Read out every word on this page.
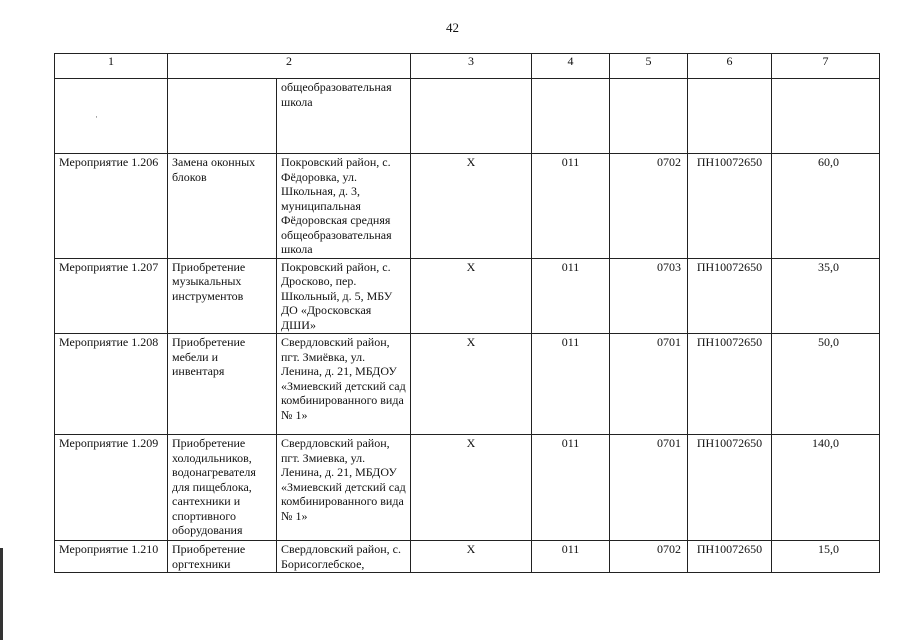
42
1	2		3	4	5	6	7

		общеобразовательная школа					

Мероприятие 1.206	Замена оконных блоков	Покровский район, с. Фёдоровка, ул. Школьная, д. 3, муниципальная Фёдоровская средняя общеобразовательная школа	X	011	0702	ПН10072650	60,0

Мероприятие 1.207	Приобретение музыкальных инструментов	Покровский район, с. Дросково, пер. Школьный, д. 5, МБУ ДО «Дросковская ДШИ»	X	011	0703	ПН10072650	35,0

Мероприятие 1.208	Приобретение мебели и инвентаря	Свердловский район, пгт. Змиёвка, ул. Ленина, д. 21, МБДОУ «Змиевский детский сад комбинированного вида № 1»	X	011	0701	ПН10072650	50,0

Мероприятие 1.209	Приобретение холодильников, водонагревателя для пищеблока, сантехники и спортивного оборудования	Свердловский район, пгт. Змиевка, ул. Ленина, д. 21, МБДОУ «Змиевский детский сад комбинированного вида № 1»	X	011	0701	ПН10072650	140,0

Мероприятие 1.210	Приобретение оргтехники	Свердловский район, с. Борисоглебское,	X	011	0702	ПН10072650	15,0
·
